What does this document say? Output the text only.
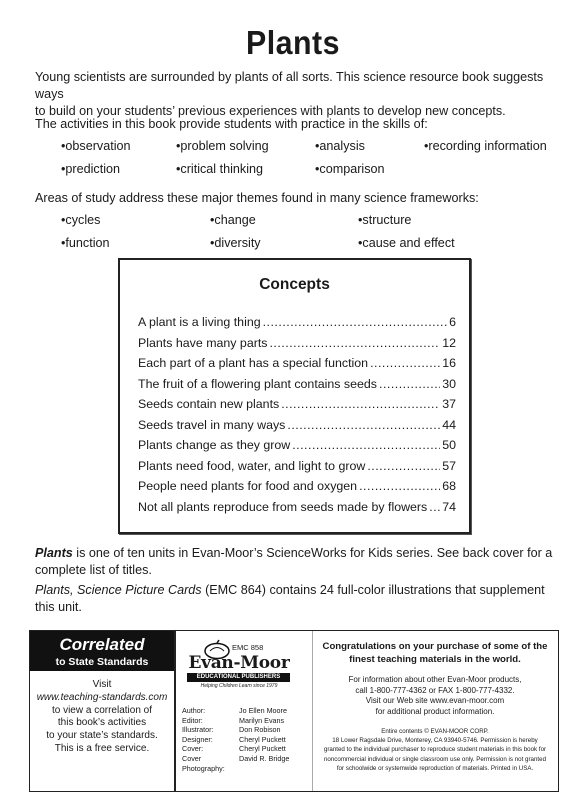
Plants
Young scientists are surrounded by plants of all sorts. This science resource book suggests ways
to build on your students’ previous experiences with plants to develop new concepts.
The activities in this book provide students with practice in the skills of:
• observation	• problem solving	• analysis	• recording information
• prediction	• critical thinking	• comparison
Areas of study address these major themes found in many science frameworks:
• cycles	• change	• structure
• function	• diversity	• cause and effect
Concepts
A plant is a living thing .....	6
Plants have many parts .....	12
Each part of a plant has a special function .....	16
The fruit of a flowering plant contains seeds .....	30
Seeds contain new plants .....	37
Seeds travel in many ways .....	44
Plants change as they grow .....	50
Plants need food, water, and light to grow .....	57
People need plants for food and oxygen .....	68
Not all plants reproduce from seeds made by flowers ..... 74
Plants is one of ten units in Evan-Moor’s ScienceWorks for Kids series. See back cover for a
complete list of titles.
Plants, Science Picture Cards (EMC 864) contains 24 full-color illustrations that supplement
this unit.
Correlated
to State Standards
Visit
www.teaching-standards.com
to view a correlation of
this book’s activities
to your state’s standards.
This is a free service.
EMC 858
Evan-Moor
EDUCATIONAL PUBLISHERS
Helping Children Learn since 1979
Author:	Jo Ellen Moore
Editor:	Marilyn Evans
Illustrator:	Don Robison
Designer:	Cheryl Puckett
Cover:	Cheryl Puckett
Cover Photography:
David R. Bridge
Congratulations on your purchase of some of the
finest teaching materials in the world.
For information about other Evan-Moor products,
call 1-800-777-4362 or FAX 1-800-777-4332.
Visit our Web site www.evan-moor.com
for additional product information.
Entire contents © EVAN-MOOR CORP.
18 Lower Ragsdale Drive, Monterey, CA 93940-5746. Permission is hereby
granted to the individual purchaser to reproduce student materials in this book for
noncommercial individual or single classroom use only. Permission is not granted
for schoolwide or systemwide reproduction of materials. Printed in USA.
